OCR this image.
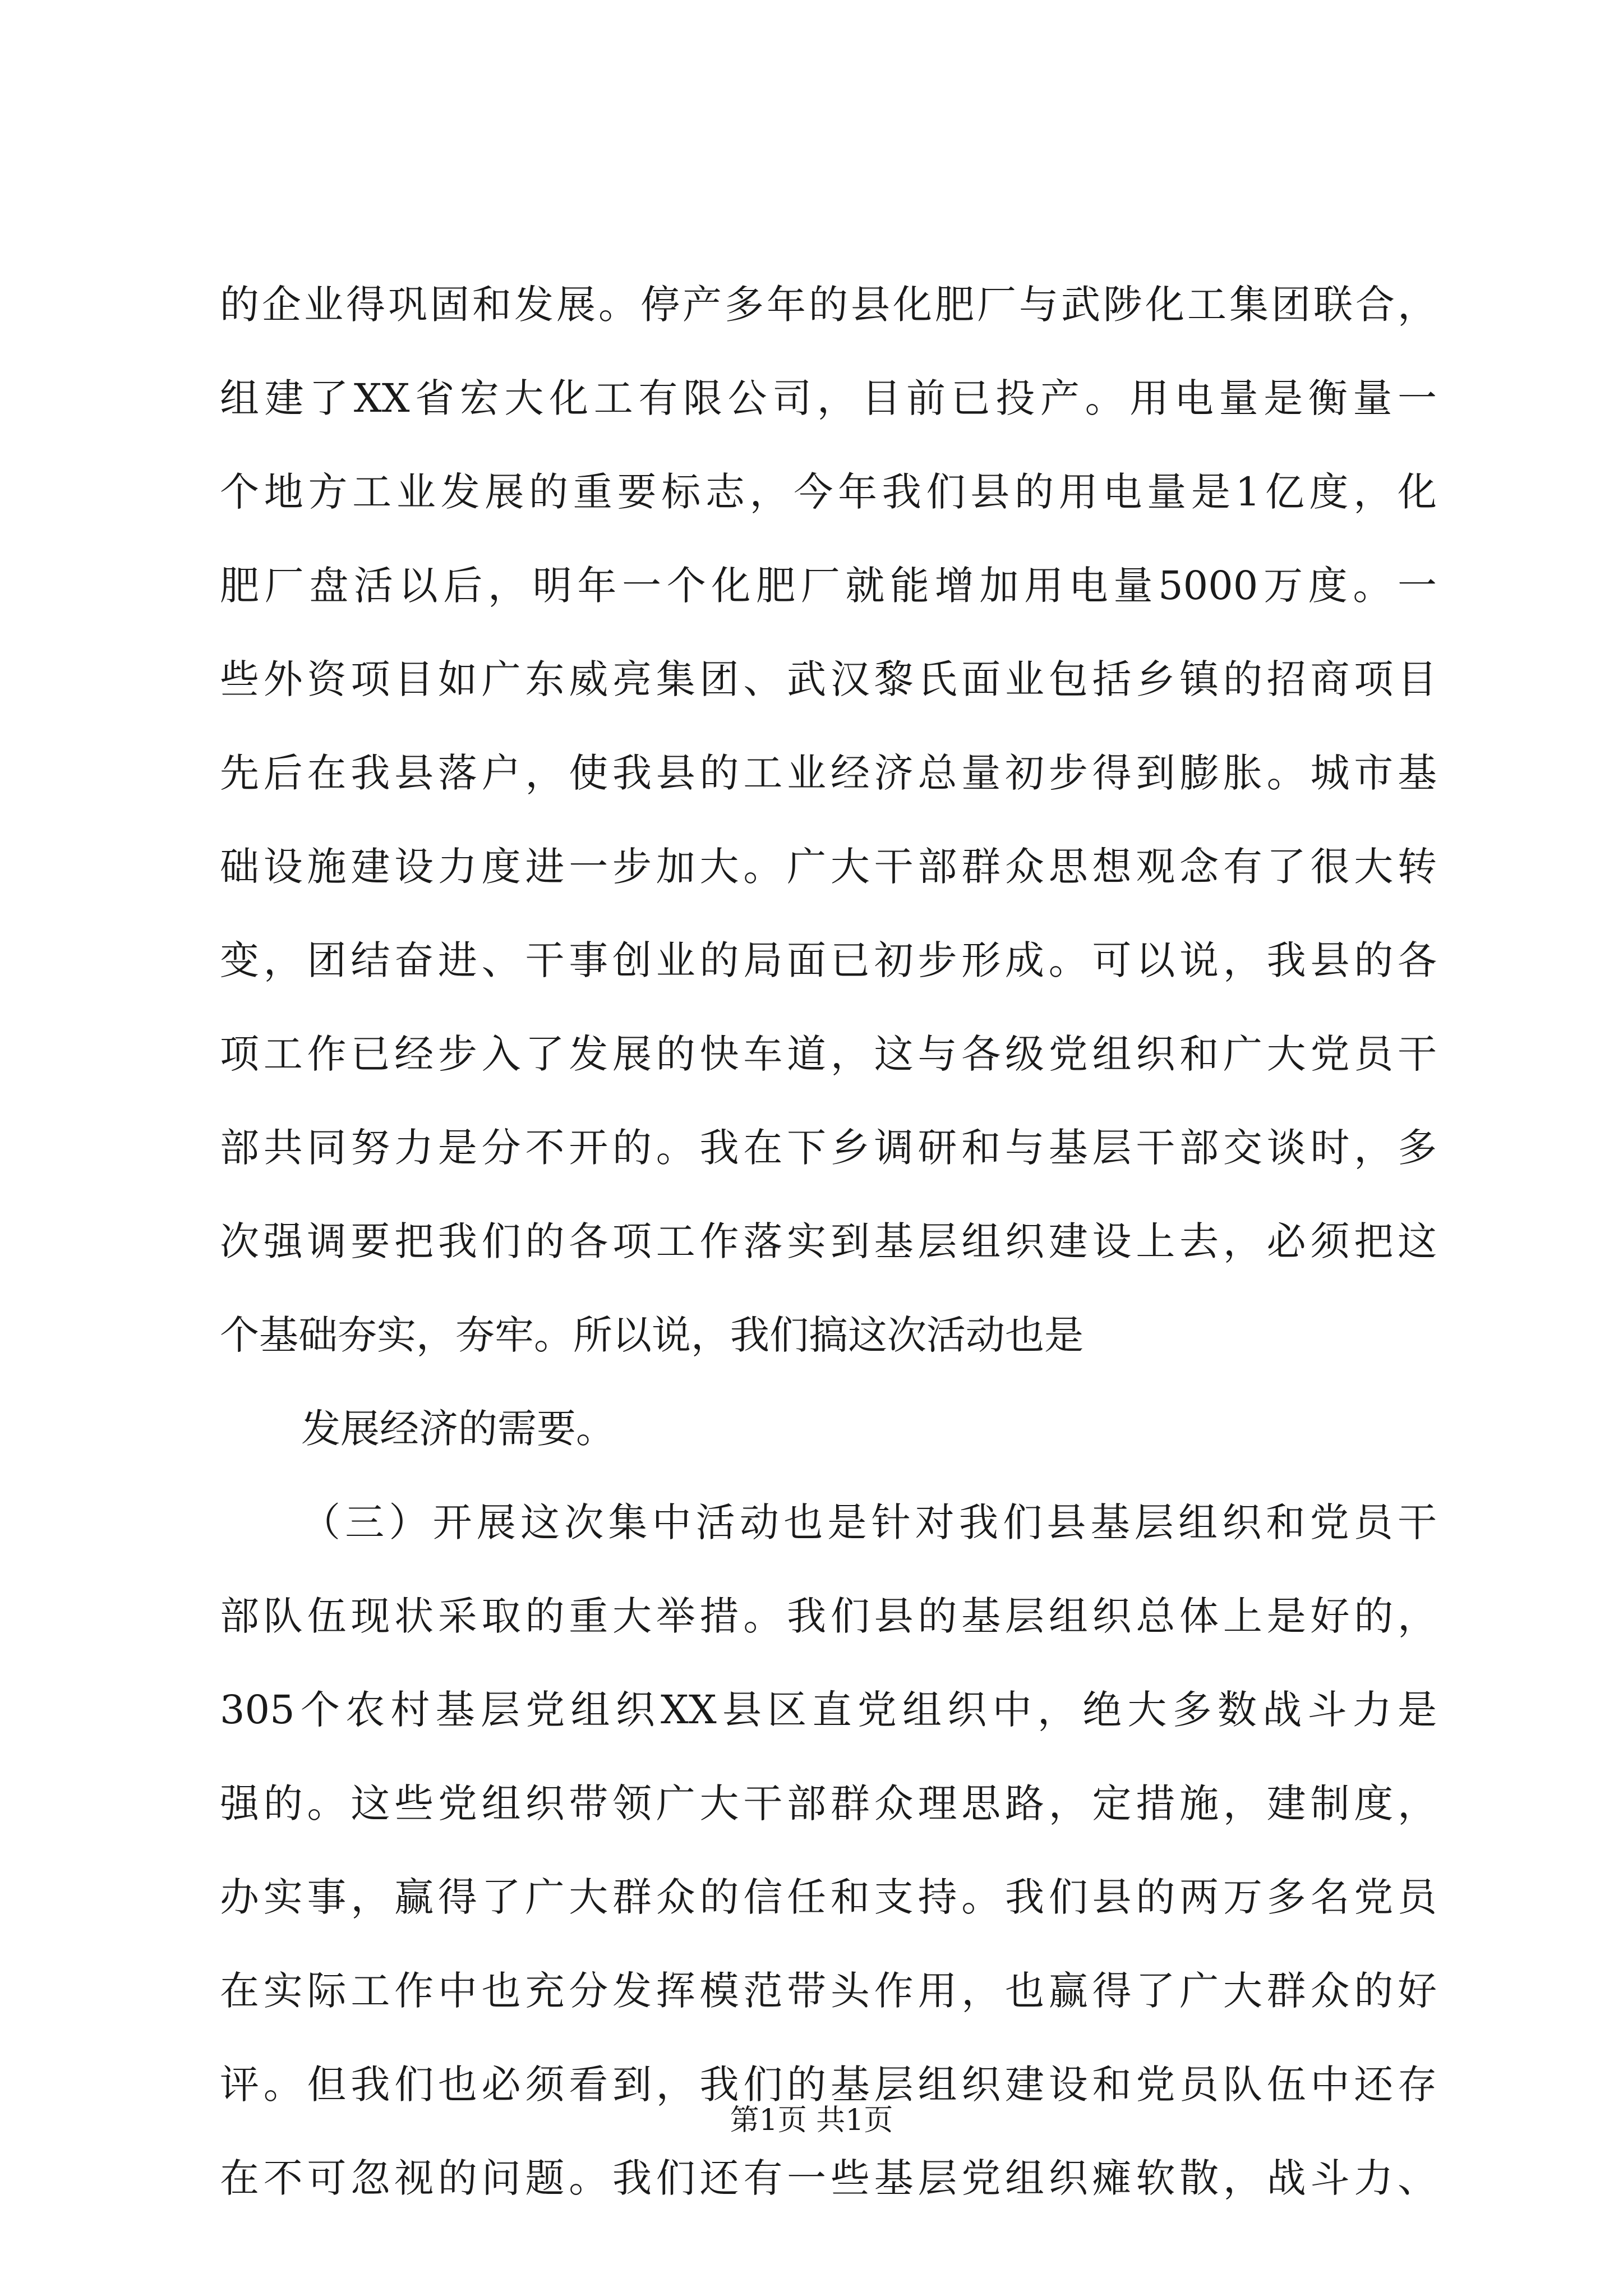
的企业得巩固和发展。停产多年的县化肥厂与武陟化工集团联合，
组建了XX省宏大化工有限公司，目前已投产。用电量是衡量一
个地方工业发展的重要标志，今年我们县的用电量是1亿度，化
肥厂盘活以后，明年一个化肥厂就能增加用电量5000万度。一
些外资项目如广东威亮集团、武汉黎氏面业包括乡镇的招商项目
先后在我县落户，使我县的工业经济总量初步得到膨胀。城市基
础设施建设力度进一步加大。广大干部群众思想观念有了很大转
变，团结奋进、干事创业的局面已初步形成。可以说，我县的各
项工作已经步入了发展的快车道，这与各级党组织和广大党员干
部共同努力是分不开的。我在下乡调研和与基层干部交谈时，多
次强调要把我们的各项工作落实到基层组织建设上去，必须把这
个基础夯实，夯牢。所以说，我们搞这次活动也是
发展经济的需要。
（三）开展这次集中活动也是针对我们县基层组织和党员干
部队伍现状采取的重大举措。我们县的基层组织总体上是好的，
305个农村基层党组织XX县区直党组织中，绝大多数战斗力是
强的。这些党组织带领广大干部群众理思路，定措施，建制度，
办实事，赢得了广大群众的信任和支持。我们县的两万多名党员
在实际工作中也充分发挥模范带头作用，也赢得了广大群众的好
评。但我们也必须看到，我们的基层组织建设和党员队伍中还存
在不可忽视的问题。我们还有一些基层党组织瘫软散，战斗力、
第1页 共1页
